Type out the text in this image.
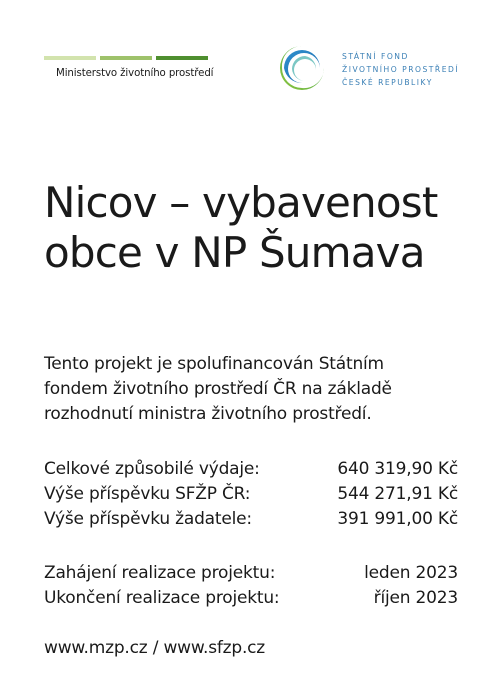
Ministerstvo životního prostředí
STÁTNÍ FOND
ŽIVOTNÍHO PROSTŘEDÍ
ČESKÉ REPUBLIKY
Nicov – vybavenost
obce v NP Šumava
Tento projekt je spolufinancován Státním
fondem životního prostředí ČR na základě
rozhodnutí ministra životního prostředí.
Celkové způsobilé výdaje:	640 319,90 Kč
Výše příspěvku SFŽP ČR:	544 271,91 Kč
Výše příspěvku žadatele:	391 991,00 Kč
Zahájení realizace projektu:	leden 2023
Ukončení realizace projektu:	říjen 2023
www.mzp.cz / www.sfzp.cz
